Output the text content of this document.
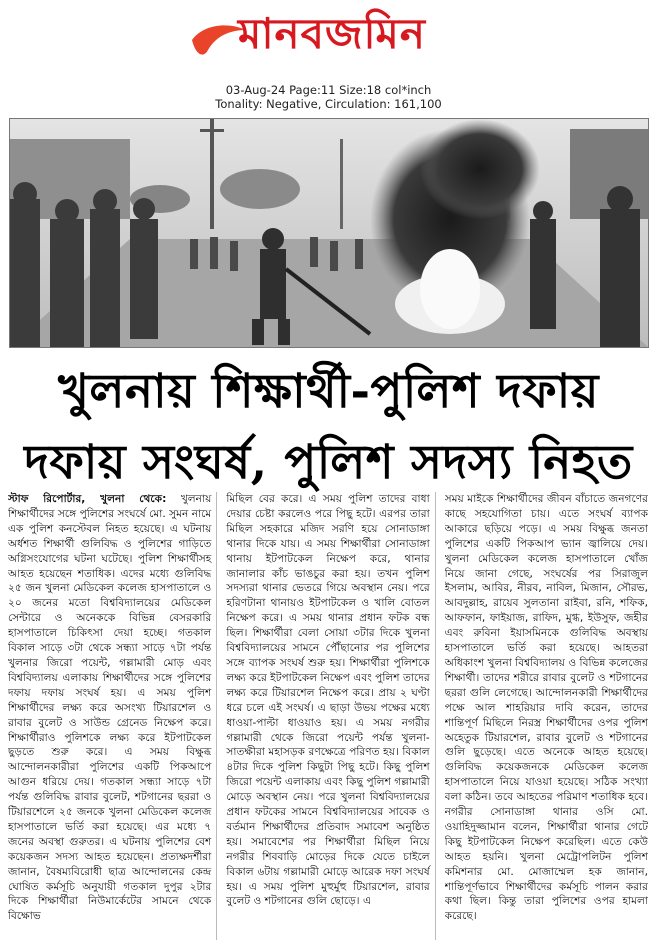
মানবজমিন
03-Aug-24 Page:11 Size:18 col*inch
Tonality: Negative, Circulation: 161,100
খুলনায় শিক্ষার্থী-পুলিশ দফায়
দফায় সংঘর্ষ, পুলিশ সদস্য নিহত
স্টাফ রিপোর্টার, খুলনা থেকে: খুলনায় শিক্ষার্থীদের সঙ্গে পুলিশের সংঘর্ষে মো. সুমন নামে এক পুলিশ কনস্টেবল নিহত হয়েছে। এ ঘটনায় অর্ধশত শিক্ষার্থী গুলিবিদ্ধ ও পুলিশের গাড়িতে অগ্নিসংযোগের ঘটনা ঘটেছে। পুলিশ শিক্ষার্থীসহ আহত হয়েছেন শতাধিক। এদের মধ্যে গুলিবিদ্ধ ২৫ জন খুলনা মেডিকেল কলেজ হাসপাতালে ও ২০ জনের মতো বিশ্ববিদ্যালয়ের মেডিকেল সেন্টারে ও অনেককে বিভিন্ন বেসরকারি হাসপাতালে চিকিৎসা দেয়া হচ্ছে। গতকাল বিকাল সাড়ে ৩টা থেকে সন্ধ্যা সাড়ে ৭টা পর্যন্ত খুলনার জিরো পয়েন্ট, গল্লামারী মোড় এবং বিশ্ববিদ্যালয় এলাকায় শিক্ষার্থীদের সঙ্গে পুলিশের দফায় দফায় সংঘর্ষ হয়। এ সময় পুলিশ শিক্ষার্থীদের লক্ষ্য করে অসংখ্য টিয়ারশেল ও রাবার বুলেট ও সাউন্ড গ্রেনেড নিক্ষেপ করে। শিক্ষার্থীরাও পুলিশকে লক্ষ্য করে ইটপাটকেল ছুড়তে শুরু করে। এ সময় বিক্ষুব্ধ আন্দোলনকারীরা পুলিশের একটি পিকআপে আগুন ধরিয়ে দেয়। গতকাল সন্ধ্যা সাড়ে ৭টা পর্যন্ত গুলিবিদ্ধ রাবার বুলেট, শটগানের ছররা ও টিয়ারশেলে ২৫ জনকে খুলনা মেডিকেল কলেজ হাসপাতালে ভর্তি করা হয়েছে। এর মধ্যে ৭ জনের অবস্থা গুরুতর। এ ঘটনায় পুলিশের বেশ কয়েকজন সদস্য আহত হয়েছেন। প্রত্যক্ষদর্শীরা জানান, বৈষম্যবিরোধী ছাত্র আন্দোলনের কেন্দ্র ঘোষিত কর্মসূচি অনুযায়ী গতকাল দুপুর ২টার দিকে শিক্ষার্থীরা নিউমার্কেটের সামনে থেকে বিক্ষোভ
মিছিল বের করে। এ সময় পুলিশ তাদের বাধা দেয়ার চেষ্টা করলেও পরে পিছু হটে। এরপর তারা মিছিল সহকারে মজিদ সরণি হয়ে সোনাডাঙ্গা থানার দিকে যায়। এ সময় শিক্ষার্থীরা সোনাডাঙ্গা থানায় ইটপাটকেল নিক্ষেপ করে, থানার জানালার কাঁচ ভাঙচুর করা হয়। তখন পুলিশ সদস্যরা থানার ভেতরে গিয়ে অবস্থান নেয়। পরে হরিণটানা থানায়ও ইটপাটকেল ও খালি বোতল নিক্ষেপ করে। এ সময় থানার প্রধান ফটক বন্ধ ছিল। শিক্ষার্থীরা বেলা সোয়া ৩টার দিকে খুলনা বিশ্ববিদ্যালয়ের সামনে পৌঁছানোর পর পুলিশের সঙ্গে ব্যাপক সংঘর্ষ শুরু হয়। শিক্ষার্থীরা পুলিশকে লক্ষ্য করে ইটপাটকেল নিক্ষেপ এবং পুলিশ তাদের লক্ষ্য করে টিয়ারশেল নিক্ষেপ করে। প্রায় ২ ঘণ্টা ধরে চলে এই সংঘর্ষ। এ ছাড়া উভয় পক্ষের মধ্যে ধাওয়া-পাল্টা ধাওয়াও হয়। এ সময় নগরীর গল্লামারী থেকে জিরো পয়েন্ট পর্যন্ত খুলনা-সাতক্ষীরা মহাসড়ক রণক্ষেত্রে পরিণত হয়। বিকাল ৪টার দিকে পুলিশ কিছুটা পিছু হটে। কিছু পুলিশ জিরো পয়েন্ট এলাকায় এবং কিছু পুলিশ গল্লামারী মোড়ে অবস্থান নেয়। পরে খুলনা বিশ্ববিদ্যালয়ের প্রধান ফটকের সামনে বিশ্ববিদ্যালয়ের সাবেক ও বর্তমান শিক্ষার্থীদের প্রতিবাদ সমাবেশ অনুষ্ঠিত হয়। সমাবেশের পর শিক্ষার্থীরা মিছিল নিয়ে নগরীর শিববাড়ি মোড়ের দিকে যেতে চাইলে বিকাল ৬টায় গল্লামারী মোড়ে আরেক দফা সংঘর্ষ হয়। এ সময় পুলিশ মুহুর্মুহু টিয়ারশেল, রাবার বুলেট ও শটগানের গুলি ছোড়ে। এ
সময় মাইকে শিক্ষার্থীদের জীবন বাঁচাতে জনগণের কাছে সহযোগিতা চায়। এতে সংঘর্ষ ব্যাপক আকারে ছড়িয়ে পড়ে। এ সময় বিক্ষুব্ধ জনতা পুলিশের একটি পিকআপ ভ্যান জ্বালিয়ে দেয়। খুলনা মেডিকেল কলেজ হাসপাতালে খোঁজ নিয়ে জানা গেছে, সংঘর্ষের পর সিরাজুল ইসলাম, আবির, নীরব, নাবিল, মিজান, সৌরভ, আবদুল্লাহ, রায়েব সুলতানা রাইবা, রনি, শফিক, আফফান, ফাইয়াজ, রাফিদ, মুগ্ধ, ইউসুফ, জহীর এবং রুবিনা ইয়াসমিনকে গুলিবিদ্ধ অবস্থায় হাসপাতালে ভর্তি করা হয়েছে। আহতরা অধিকাংশ খুলনা বিশ্ববিদ্যালয় ও বিভিন্ন কলেজের শিক্ষার্থী। তাদের শরীরে রাবার বুলেট ও শটগানের ছররা গুলি লেগেছে। আন্দোলনকারী শিক্ষার্থীদের পক্ষে আল শাহরিয়ার দাবি করেন, তাদের শান্তিপূর্ণ মিছিলে নিরস্ত্র শিক্ষার্থীদের ওপর পুলিশ অহেতুক টিয়ারশেল, রাবার বুলেট ও শটগানের গুলি ছুড়েছে। এতে অনেকে আহত হয়েছে। গুলিবিদ্ধ কয়েকজনকে মেডিকেল কলেজ হাসপাতালে নিয়ে যাওয়া হয়েছে। সঠিক সংখ্যা বলা কঠিন। তবে আহতের পরিমাণ শতাধিক হবে। নগরীর সোনাডাঙ্গা থানার ওসি মো. ওয়াহিদুজ্জামান বলেন, শিক্ষার্থীরা থানার গেটে কিছু ইটপাটকেল নিক্ষেপ করেছিল। এতে কেউ আহত হয়নি। খুলনা মেট্রোপলিটন পুলিশ কমিশনার মো. মোজাম্মেল হক জানান, শান্তিপূর্ণভাবে শিক্ষার্থীদের কর্মসূচি পালন করার কথা ছিল। কিন্তু তারা পুলিশের ওপর হামলা করেছে।
